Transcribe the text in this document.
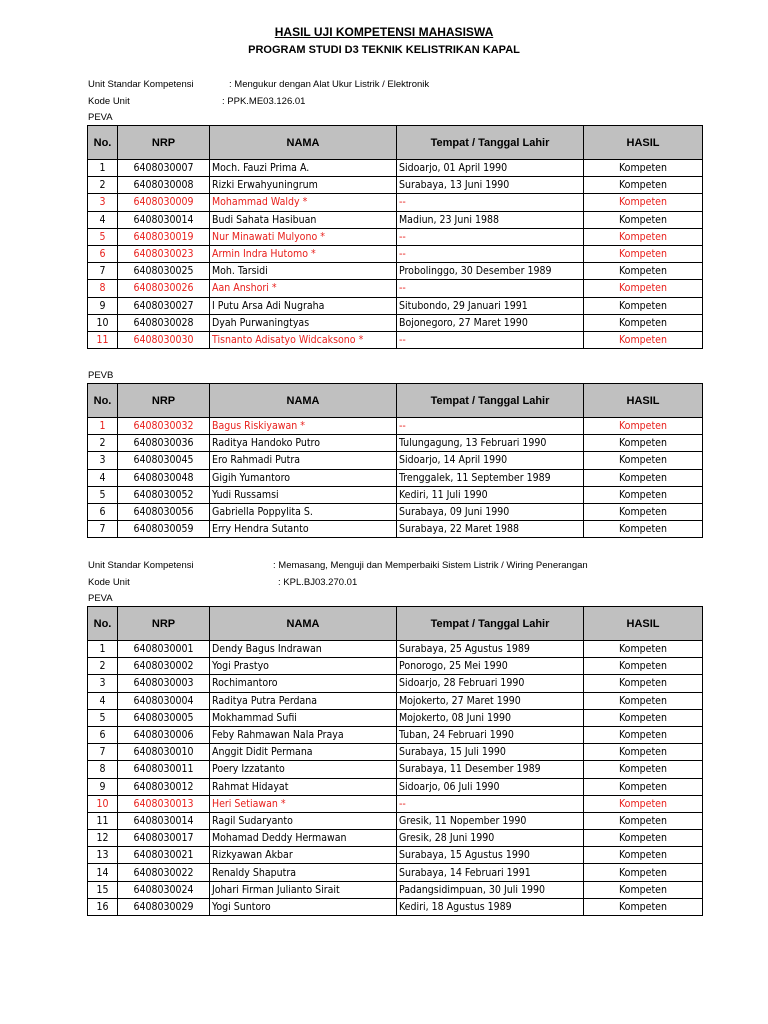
HASIL UJI KOMPETENSI MAHASISWA
PROGRAM STUDI D3 TEKNIK KELISTRIKAN KAPAL
Unit Standar Kompetensi	: Mengukur dengan Alat Ukur Listrik / Elektronik
Kode Unit	: PPK.ME03.126.01
PEVA
No.	NRP	NAMA	Tempat / Tanggal Lahir	HASIL
1	6408030007	Moch. Fauzi Prima A.	Sidoarjo, 01 April 1990	Kompeten
2	6408030008	Rizki Erwahyuningrum	Surabaya, 13 Juni 1990	Kompeten
3	6408030009	Mohammad Waldy *	--	Kompeten
4	6408030014	Budi Sahata Hasibuan	Madiun, 23 Juni 1988	Kompeten
5	6408030019	Nur Minawati Mulyono *	--	Kompeten
6	6408030023	Armin Indra Hutomo *	--	Kompeten
7	6408030025	Moh. Tarsidi	Probolinggo, 30 Desember 1989	Kompeten
8	6408030026	Aan Anshori *	--	Kompeten
9	6408030027	I Putu Arsa Adi Nugraha	Situbondo, 29 Januari 1991	Kompeten
10	6408030028	Dyah Purwaningtyas	Bojonegoro, 27 Maret 1990	Kompeten
11	6408030030	Tisnanto Adisatyo Widcaksono *	--	Kompeten
PEVB
No.	NRP	NAMA	Tempat / Tanggal Lahir	HASIL
1	6408030032	Bagus Riskiyawan *	--	Kompeten
2	6408030036	Raditya Handoko Putro	Tulungagung, 13 Februari 1990	Kompeten
3	6408030045	Ero Rahmadi Putra	Sidoarjo, 14 April 1990	Kompeten
4	6408030048	Gigih Yumantoro	Trenggalek, 11 September 1989	Kompeten
5	6408030052	Yudi Russamsi	Kediri, 11 Juli 1990	Kompeten
6	6408030056	Gabriella Poppylita S.	Surabaya, 09 Juni 1990	Kompeten
7	6408030059	Erry Hendra Sutanto	Surabaya, 22 Maret 1988	Kompeten
Unit Standar Kompetensi	: Memasang, Menguji dan Memperbaiki Sistem Listrik / Wiring Penerangan
Kode Unit	: KPL.BJ03.270.01
PEVA
No.	NRP	NAMA	Tempat / Tanggal Lahir	HASIL
1	6408030001	Dendy Bagus Indrawan	Surabaya, 25 Agustus 1989	Kompeten
2	6408030002	Yogi Prastyo	Ponorogo, 25 Mei 1990	Kompeten
3	6408030003	Rochimantoro	Sidoarjo, 28 Februari 1990	Kompeten
4	6408030004	Raditya Putra Perdana	Mojokerto, 27 Maret 1990	Kompeten
5	6408030005	Mokhammad Sufii	Mojokerto, 08 Juni 1990	Kompeten
6	6408030006	Feby Rahmawan Nala Praya	Tuban, 24 Februari 1990	Kompeten
7	6408030010	Anggit Didit Permana	Surabaya, 15 Juli 1990	Kompeten
8	6408030011	Poery Izzatanto	Surabaya, 11 Desember 1989	Kompeten
9	6408030012	Rahmat Hidayat	Sidoarjo, 06 Juli 1990	Kompeten
10	6408030013	Heri Setiawan *	--	Kompeten
11	6408030014	Ragil Sudaryanto	Gresik, 11 Nopember 1990	Kompeten
12	6408030017	Mohamad Deddy Hermawan	Gresik, 28 Juni 1990	Kompeten
13	6408030021	Rizkyawan Akbar	Surabaya, 15 Agustus 1990	Kompeten
14	6408030022	Renaldy Shaputra	Surabaya, 14 Februari 1991	Kompeten
15	6408030024	Johari Firman Julianto Sirait	Padangsidimpuan, 30 Juli 1990	Kompeten
16	6408030029	Yogi Suntoro	Kediri, 18 Agustus 1989	Kompeten
